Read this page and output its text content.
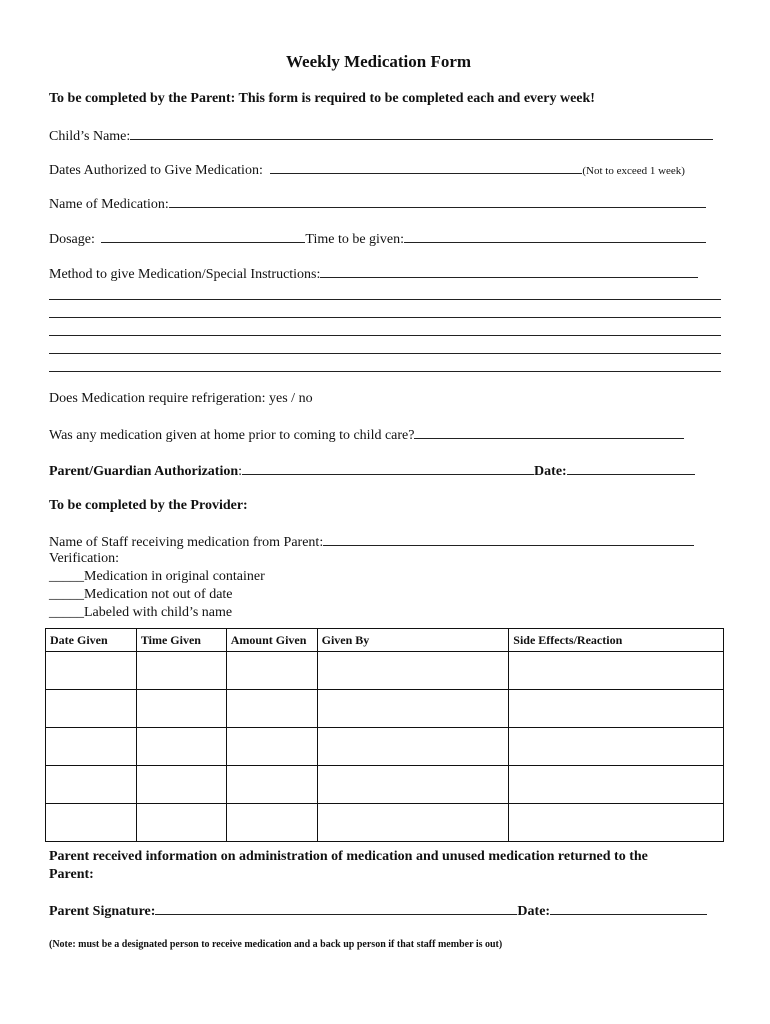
Weekly Medication Form
To be completed by the Parent: This form is required to be completed each and every week!
Child’s Name:
Dates Authorized to Give Medication:	(Not to exceed 1 week)
Name of Medication:
Dosage:	Time to be given:
Method to give Medication/Special Instructions:
Does Medication require refrigeration: yes / no
Was any medication given at home prior to coming to child care?
Parent/Guardian Authorization:	Date:
To be completed by the Provider:
Name of Staff receiving medication from Parent:
Verification:
_____Medication in original container
_____Medication not out of date
_____Labeled with child’s name
Date Given	Time Given	Amount Given	Given By	Side Effects/Reaction

Parent received information on administration of medication and unused medication returned to the
Parent:
Parent Signature:	Date:
(Note: must be a designated person to receive medication and a back up person if that staff member is out)
